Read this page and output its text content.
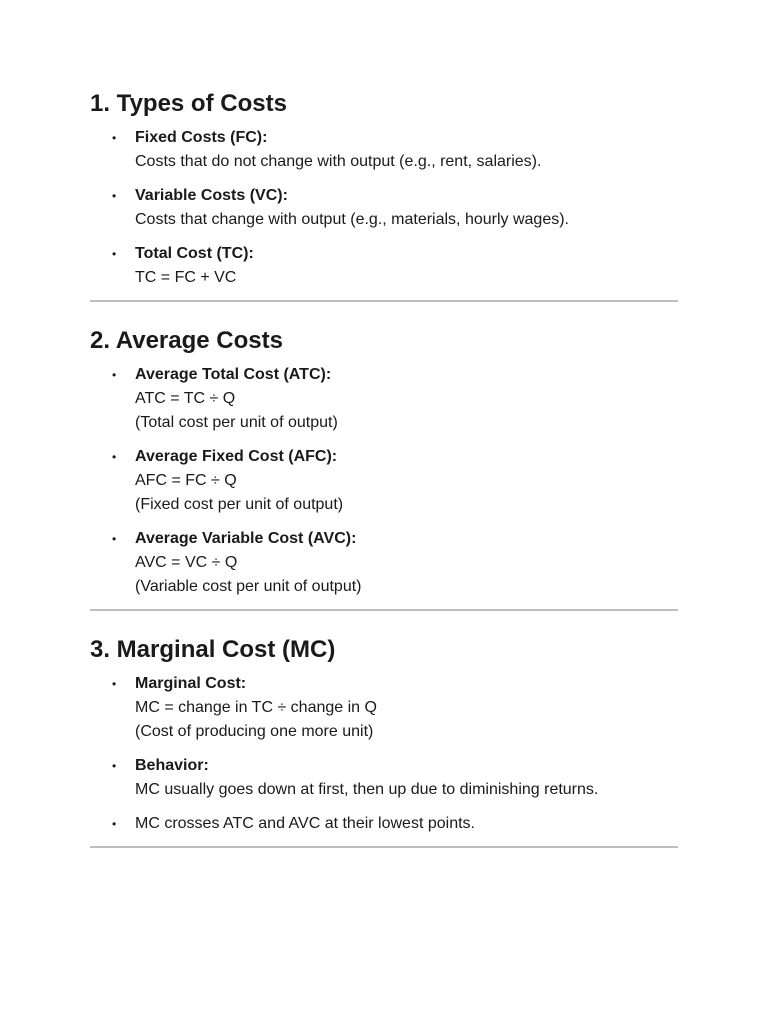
1. Types of Costs
• Fixed Costs (FC):
Costs that do not change with output (e.g., rent, salaries).
• Variable Costs (VC):
Costs that change with output (e.g., materials, hourly wages).
• Total Cost (TC):
TC = FC + VC
2. Average Costs
• Average Total Cost (ATC):
ATC = TC ÷ Q
(Total cost per unit of output)
• Average Fixed Cost (AFC):
AFC = FC ÷ Q
(Fixed cost per unit of output)
• Average Variable Cost (AVC):
AVC = VC ÷ Q
(Variable cost per unit of output)
3. Marginal Cost (MC)
• Marginal Cost:
MC = change in TC ÷ change in Q
(Cost of producing one more unit)
• Behavior:
MC usually goes down at first, then up due to diminishing returns.
• MC crosses ATC and AVC at their lowest points.
